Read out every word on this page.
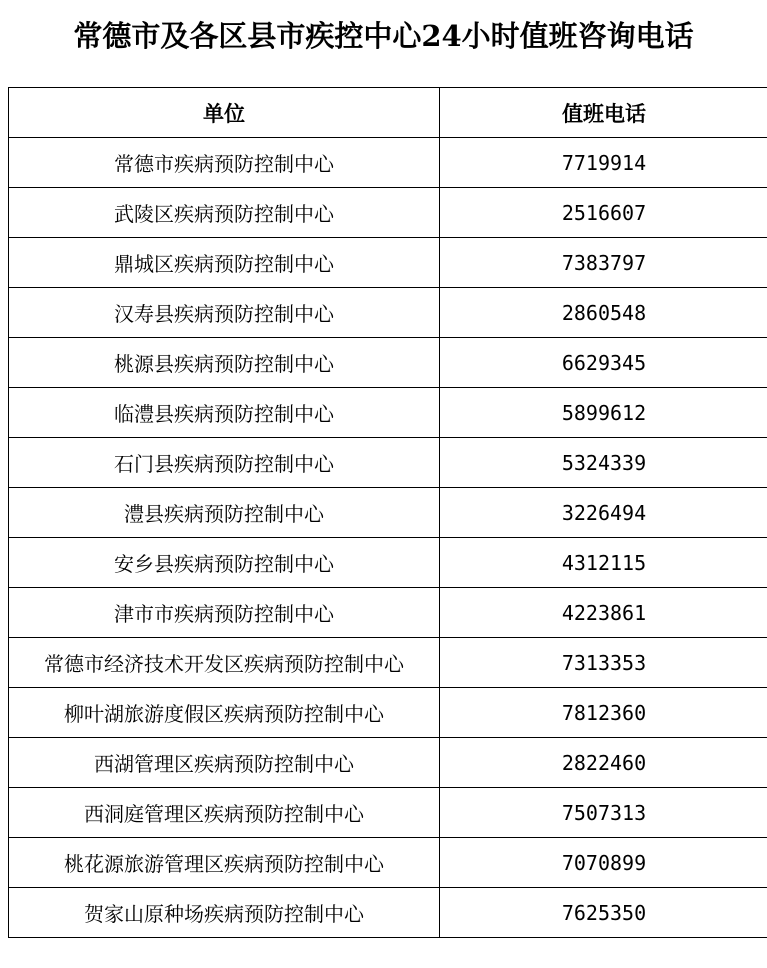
常德市及各区县市疾控中心24小时值班咨询电话
单位	值班电话
常德市疾病预防控制中心	7719914
武陵区疾病预防控制中心	2516607
鼎城区疾病预防控制中心	7383797
汉寿县疾病预防控制中心	2860548
桃源县疾病预防控制中心	6629345
临澧县疾病预防控制中心	5899612
石门县疾病预防控制中心	5324339
澧县疾病预防控制中心	3226494
安乡县疾病预防控制中心	4312115
津市市疾病预防控制中心	4223861
常德市经济技术开发区疾病预防控制中心	7313353
柳叶湖旅游度假区疾病预防控制中心	7812360
西湖管理区疾病预防控制中心	2822460
西洞庭管理区疾病预防控制中心	7507313
桃花源旅游管理区疾病预防控制中心	7070899
贺家山原种场疾病预防控制中心	7625350
